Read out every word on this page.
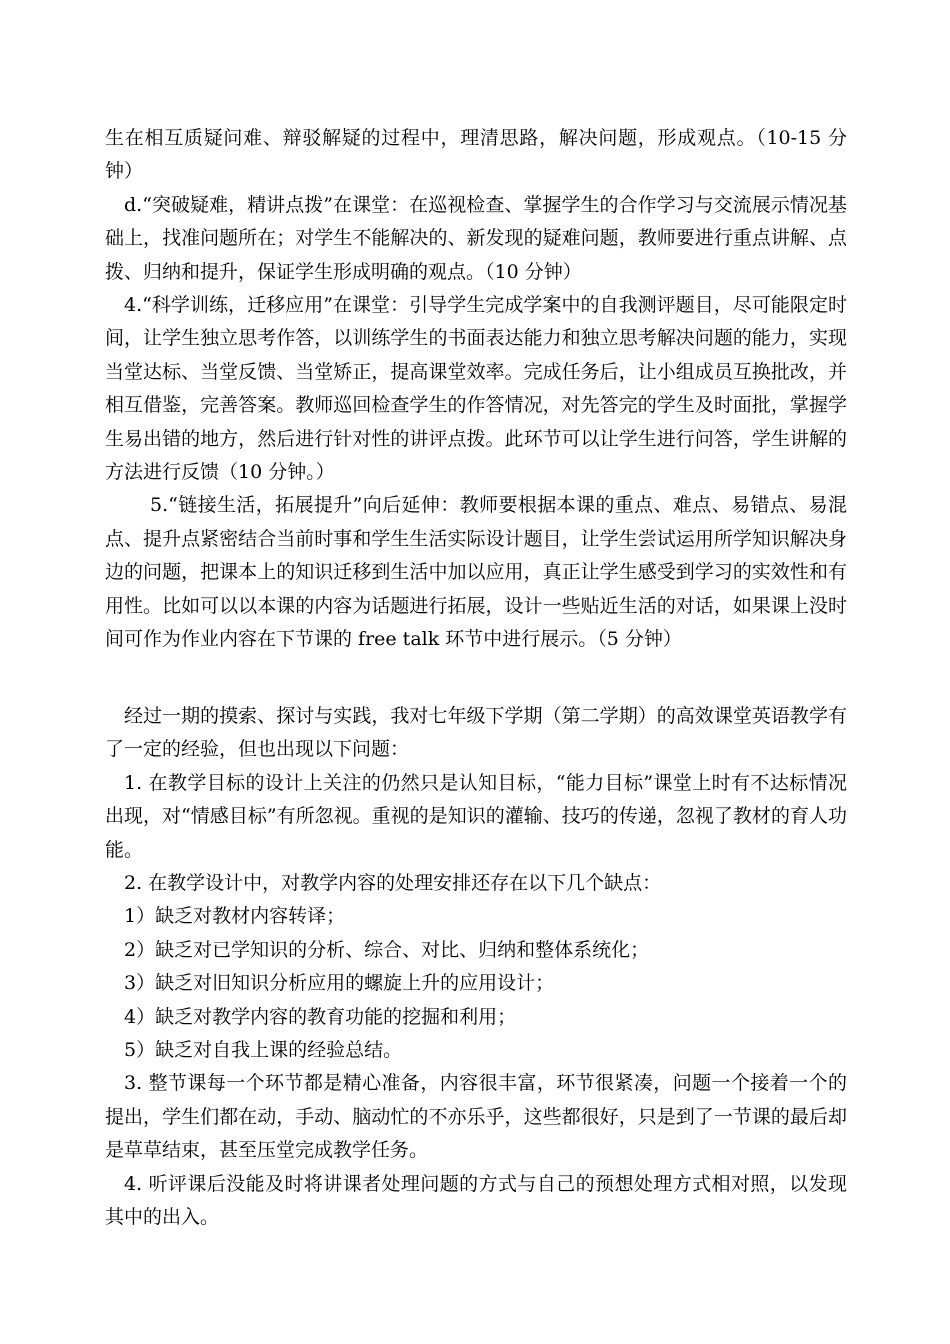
生在相互质疑问难、辩驳解疑的过程中，理清思路，解决问题，形成观点。（10-15 分钟）

d.“突破疑难，精讲点拨”在课堂：在巡视检查、掌握学生的合作学习与交流展示情况基础上，找准问题所在；对学生不能解决的、新发现的疑难问题，教师要进行重点讲解、点拨、归纳和提升，保证学生形成明确的观点。（10 分钟）

4.“科学训练，迁移应用”在课堂：引导学生完成学案中的自我测评题目，尽可能限定时间，让学生独立思考作答，以训练学生的书面表达能力和独立思考解决问题的能力，实现当堂达标、当堂反馈、当堂矫正，提高课堂效率。完成任务后，让小组成员互换批改，并相互借鉴，完善答案。教师巡回检查学生的作答情况，对先答完的学生及时面批，掌握学生易出错的地方，然后进行针对性的讲评点拨。此环节可以让学生进行问答，学生讲解的方法进行反馈（10 分钟。）

5.“链接生活，拓展提升”向后延伸：教师要根据本课的重点、难点、易错点、易混点、提升点紧密结合当前时事和学生生活实际设计题目，让学生尝试运用所学知识解决身边的问题，把课本上的知识迁移到生活中加以应用，真正让学生感受到学习的实效性和有用性。比如可以以本课的内容为话题进行拓展，设计一些贴近生活的对话，如果课上没时间可作为作业内容在下节课的 free talk 环节中进行展示。（5 分钟）

经过一期的摸索、探讨与实践，我对七年级下学期（第二学期）的高效课堂英语教学有了一定的经验，但也出现以下问题：

1. 在教学目标的设计上关注的仍然只是认知目标，“能力目标”课堂上时有不达标情况出现，对“情感目标”有所忽视。重视的是知识的灌输、技巧的传递，忽视了教材的育人功能。

2. 在教学设计中，对教学内容的处理安排还存在以下几个缺点：

1）缺乏对教材内容转译；

2）缺乏对已学知识的分析、综合、对比、归纳和整体系统化；

3）缺乏对旧知识分析应用的螺旋上升的应用设计；

4）缺乏对教学内容的教育功能的挖掘和利用；

5）缺乏对自我上课的经验总结。

3. 整节课每一个环节都是精心准备，内容很丰富，环节很紧凑，问题一个接着一个的提出，学生们都在动，手动、脑动忙的不亦乐乎，这些都很好，只是到了一节课的最后却是草草结束，甚至压堂完成教学任务。

4. 听评课后没能及时将讲课者处理问题的方式与自己的预想处理方式相对照，以发现其中的出入。
